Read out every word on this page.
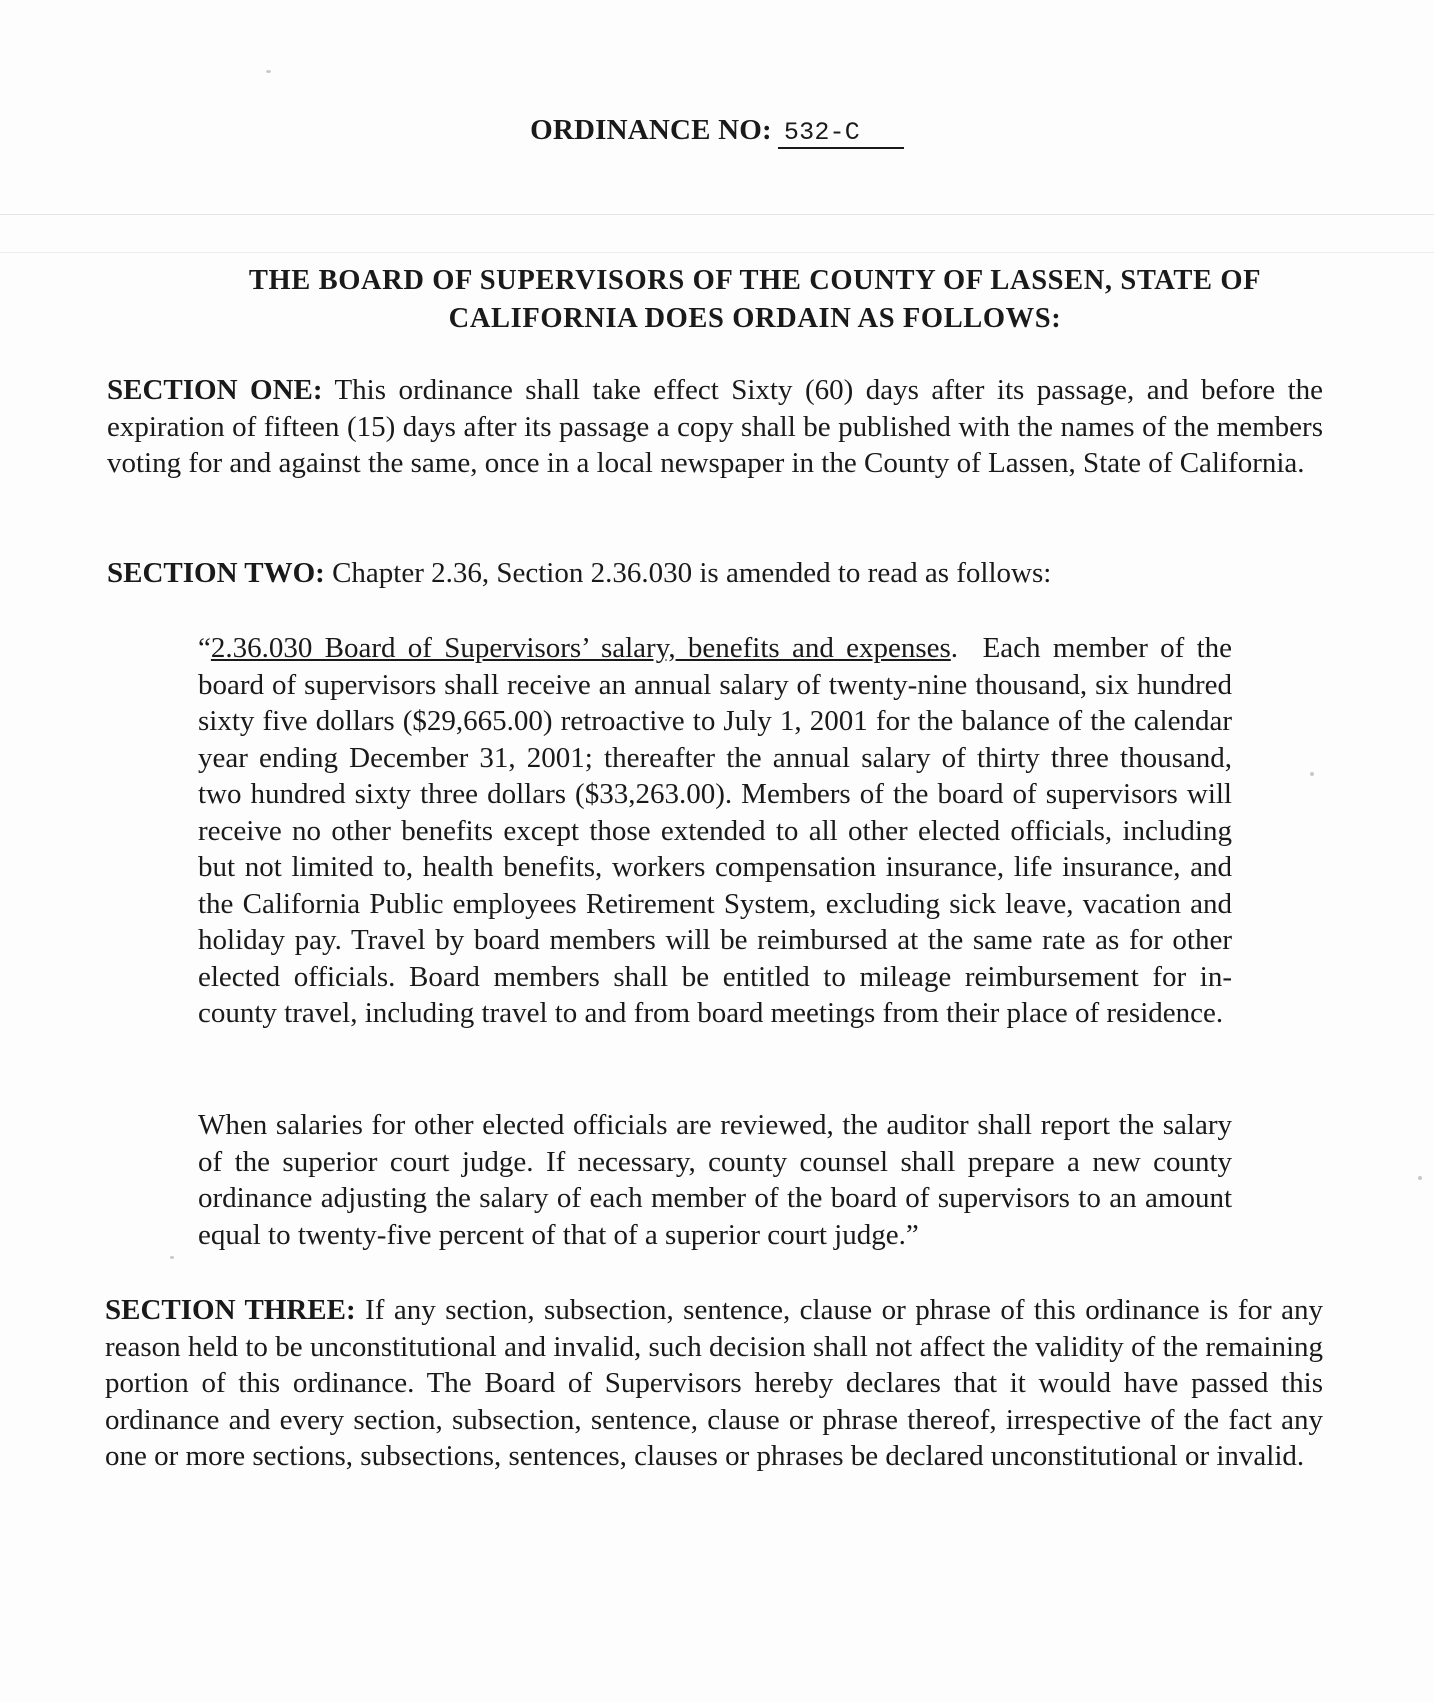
ORDINANCE NO: 532-C
THE BOARD OF SUPERVISORS OF THE COUNTY OF LASSEN, STATE OF
CALIFORNIA DOES ORDAIN AS FOLLOWS:

SECTION ONE: This ordinance shall take effect Sixty (60) days after its passage, and before the expiration of fifteen (15) days after its passage a copy shall be published with the names of the members voting for and against the same, once in a local newspaper in the County of Lassen, State of California.

SECTION TWO: Chapter 2.36, Section 2.36.030 is amended to read as follows:

“2.36.030 Board of Supervisors’ salary, benefits and expenses. Each member of the board of supervisors shall receive an annual salary of twenty-nine thousand, six hundred sixty five dollars ($29,665.00) retroactive to July 1, 2001 for the balance of the calendar year ending December 31, 2001; thereafter the annual salary of thirty three thousand, two hundred sixty three dollars ($33,263.00). Members of the board of supervisors will receive no other benefits except those extended to all other elected officials, including but not limited to, health benefits, workers compensation insurance, life insurance, and the California Public employees Retirement System, excluding sick leave, vacation and holiday pay. Travel by board members will be reimbursed at the same rate as for other elected officials. Board members shall be entitled to mileage reimbursement for in-county travel, including travel to and from board meetings from their place of residence.

When salaries for other elected officials are reviewed, the auditor shall report the salary of the superior court judge. If necessary, county counsel shall prepare a new county ordinance adjusting the salary of each member of the board of supervisors to an amount equal to twenty-five percent of that of a superior court judge.”

SECTION THREE: If any section, subsection, sentence, clause or phrase of this ordinance is for any reason held to be unconstitutional and invalid, such decision shall not affect the validity of the remaining portion of this ordinance. The Board of Supervisors hereby declares that it would have passed this ordinance and every section, subsection, sentence, clause or phrase thereof, irrespective of the fact any one or more sections, subsections, sentences, clauses or phrases be declared unconstitutional or invalid.
